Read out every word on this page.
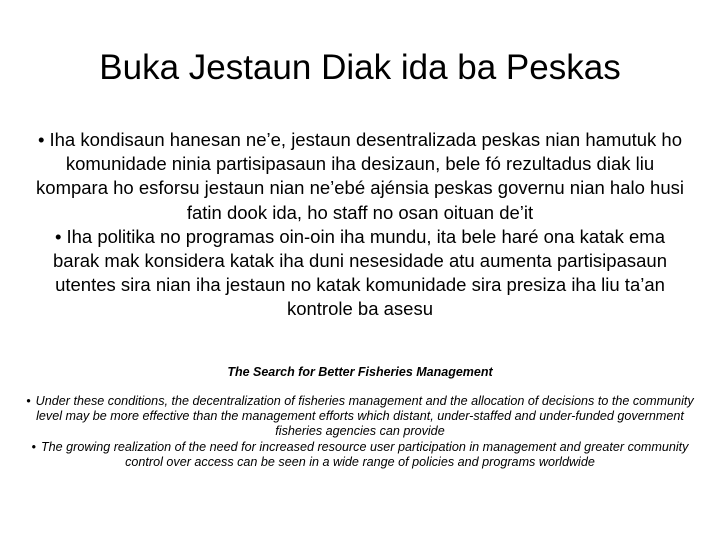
Buka Jestaun Diak ida ba Peskas

• Iha kondisaun hanesan ne’e, jestaun desentralizada peskas nian hamutuk ho komunidade ninia partisipasaun iha desizaun, bele fó rezultadus diak liu kompara ho esforsu jestaun nian ne’ebé ajénsia peskas governu nian halo husi fatin dook ida, ho staff no osan oituan de’it

• Iha politika no programas oin-oin iha mundu, ita bele haré ona katak ema barak mak konsidera katak iha duni nesesidade atu aumenta partisipasaun utentes sira nian iha jestaun no katak komunidade sira presiza iha liu ta’an kontrole ba asesu

The Search for Better Fisheries Management

• Under these conditions, the decentralization of fisheries management and the allocation of decisions to the community level may be more effective than the management efforts which distant, under-staffed and under-funded government fisheries agencies can provide

• The growing realization of the need for increased resource user participation in management and greater community control over access can be seen in a wide range of policies and programs worldwide
